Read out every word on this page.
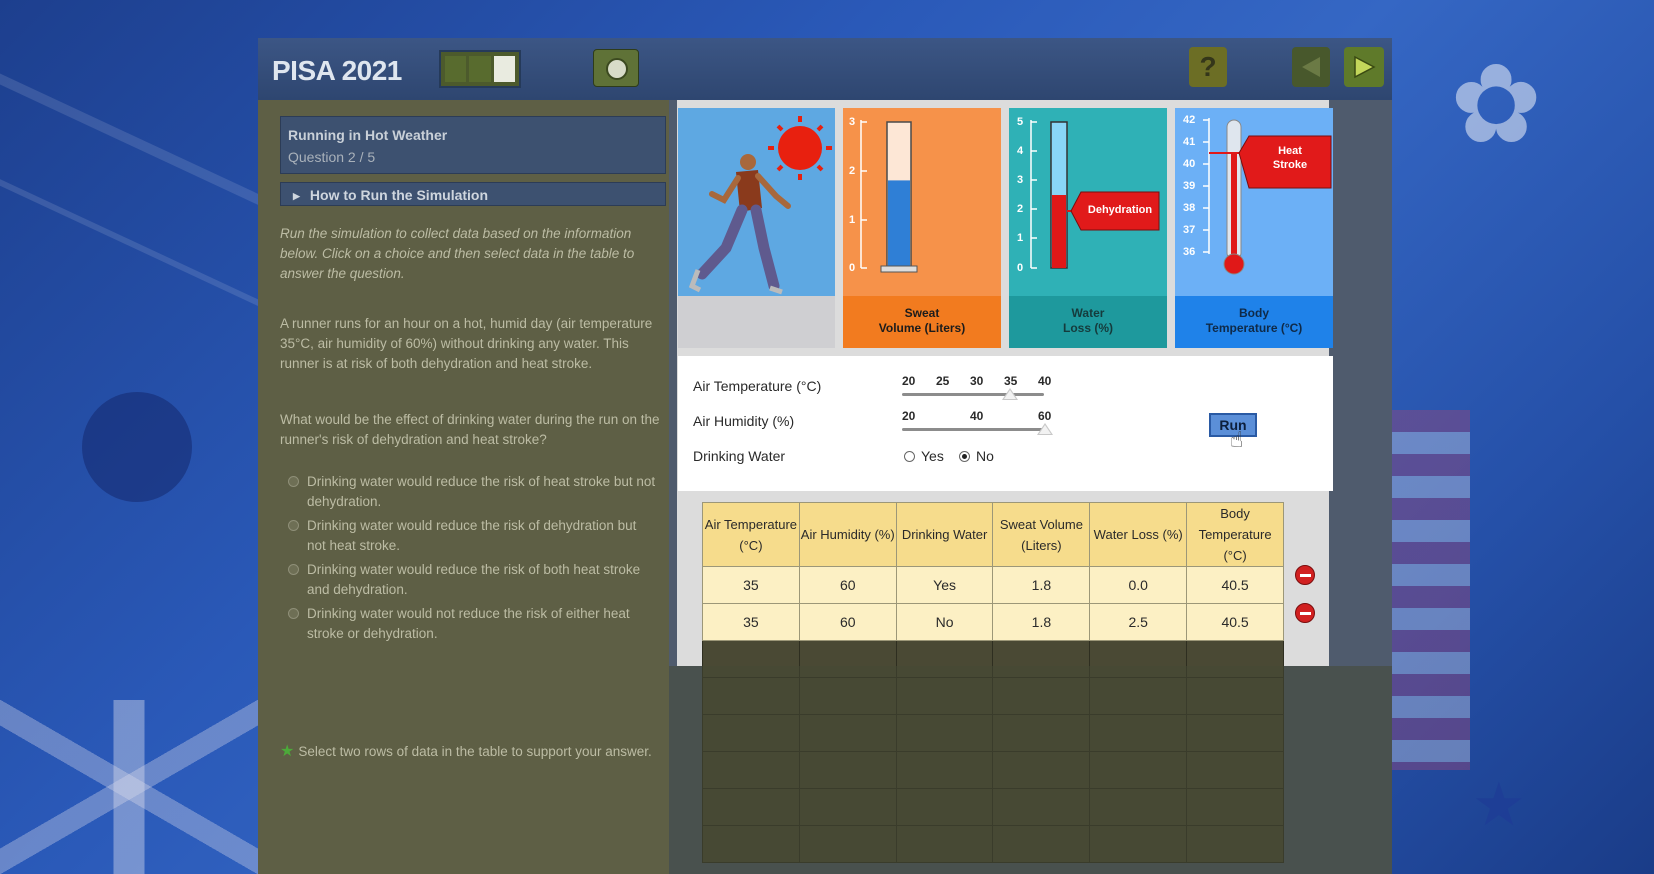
★
✿
PISA 2021	?
Running in Hot Weather
Question 2 / 5
▶ How to Run the Simulation
Run the simulation to collect data based on the information below. Click on a choice and then select data in the table to answer the question.
A runner runs for an hour on a hot, humid day (air temperature 35°C, air humidity of 60%) without drinking any water. This runner is at risk of both dehydration and heat stroke.
What would be the effect of drinking water during the run on the runner's risk of dehydration and heat stroke?
Drinking water would reduce the risk of heat stroke but not dehydration.
Drinking water would reduce the risk of dehydration but not heat stroke.
Drinking water would reduce the risk of both heat stroke and dehydration.
Drinking water would not reduce the risk of either heat stroke or dehydration.
★ Select two rows of data in the table to support your answer.
3
2
1
0
Sweat
Volume (Liters)
5
4
3
2
1
0
Dehydration
Water
Loss (%)
42
41
40
39
38
37
36
Heat
Stroke
Body
Temperature (°C)
Air Temperature (°C)	20 25 30 35 40
Air Humidity (%)	20	40	60
Drinking Water	Yes No
Run
☝
Air Temperature (°C)	Air Humidity (%)	Drinking Water	Sweat Volume (Liters)	Water Loss (%)	Body Temperature (°C)
35	60	Yes	1.8	0.0	40.5
35	60	No	1.8	2.5	40.5
